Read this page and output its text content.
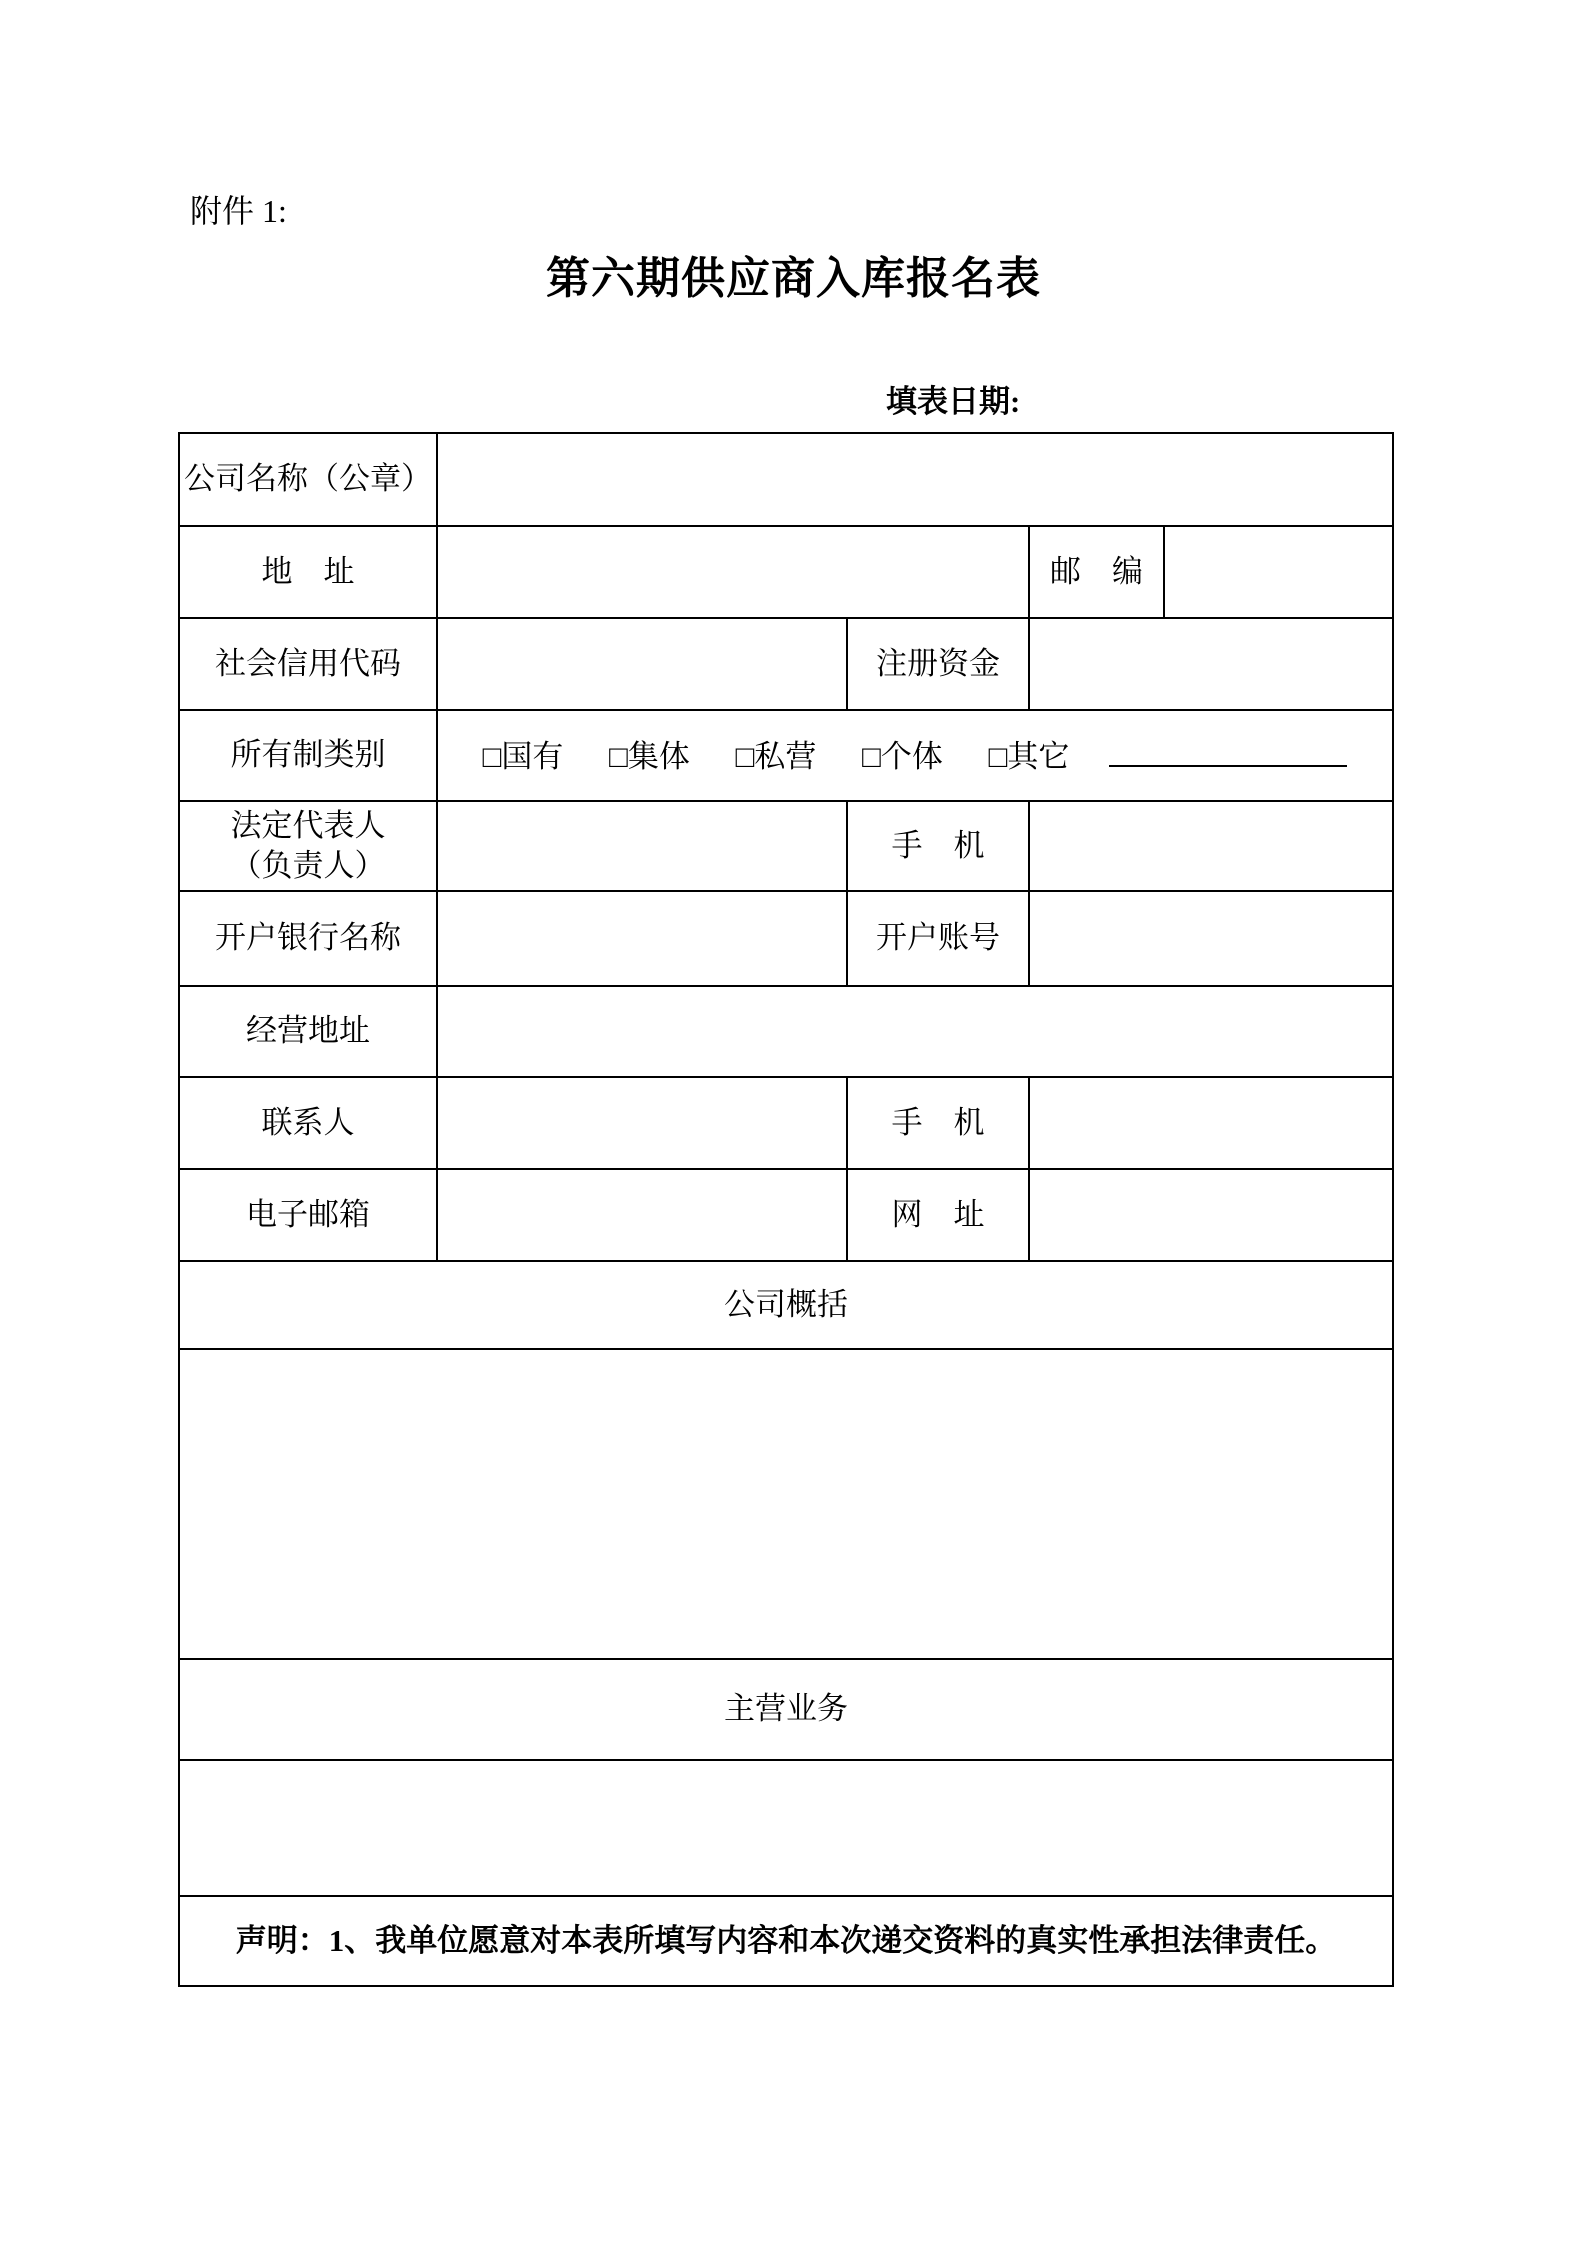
附件 1:
第六期供应商入库报名表
填表日期:
公司名称（公章）				
地　址			邮　编	
社会信用代码		注册资金		
所有制类别	□国有 □集体 □私营 □个体 □其它			

法定代表人
（负责人）		手　机		
开户银行名称		开户账号		
经营地址				
联系人		手　机		
电子邮箱		网　址		
公司概括				

主营业务				

声明：1、我单位愿意对本表所填写内容和本次递交资料的真实性承担法律责任。				
